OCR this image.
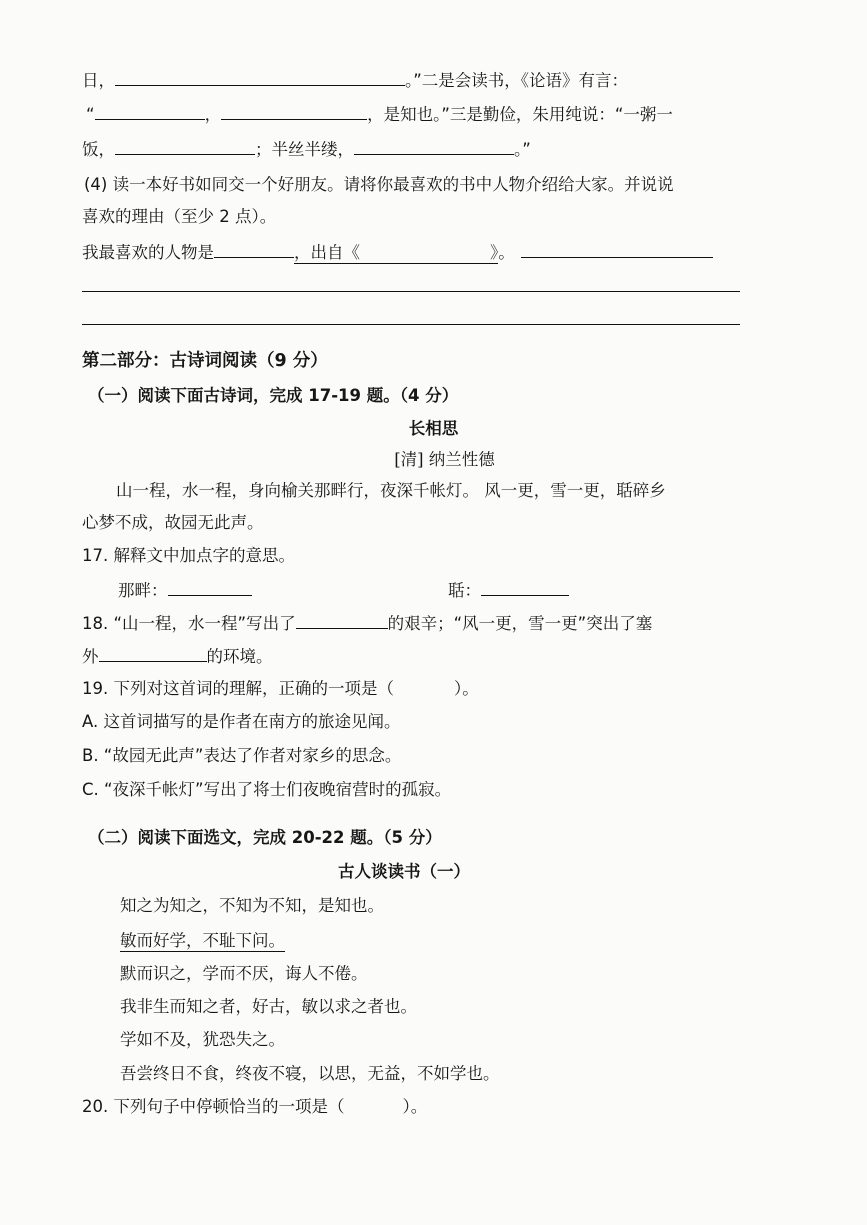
日，	。”二是会读书，《论语》有言：
“	，	，是知也。”三是勤俭，朱用纯说：“一粥一
饭，	；半丝半缕，	。”
(4) 读一本好书如同交一个好朋友。请将你最喜欢的书中人物介绍给大家。并说说
喜欢的理由（至少 2 点）。
我最喜欢的人物是	，出自《	》。
第二部分：古诗词阅读（9 分）
（一）阅读下面古诗词，完成 17-19 题。（4 分）
长相思
[清] 纳兰性德
山一程，水一程，身向榆关那畔行，夜深千帐灯。 风一更，雪一更，聒碎乡
心梦不成，故园无此声。
17. 解释文中加点字的意思。
那畔：	聒：
18. “山一程，水一程”写出了	的艰辛；“风一更，雪一更”突出了塞
外	的环境。
19. 下列对这首词的理解，正确的一项是（	）。
A. 这首词描写的是作者在南方的旅途见闻。
B. “故园无此声”表达了作者对家乡的思念。
C. “夜深千帐灯”写出了将士们夜晚宿营时的孤寂。
（二）阅读下面选文，完成 20-22 题。（5 分）
古人谈读书（一）
知之为知之，不知为不知，是知也。
敏而好学，不耻下问。
默而识之，学而不厌，诲人不倦。
我非生而知之者，好古，敏以求之者也。
学如不及，犹恐失之。
吾尝终日不食，终夜不寝，以思，无益，不如学也。
20. 下列句子中停顿恰当的一项是（	）。
